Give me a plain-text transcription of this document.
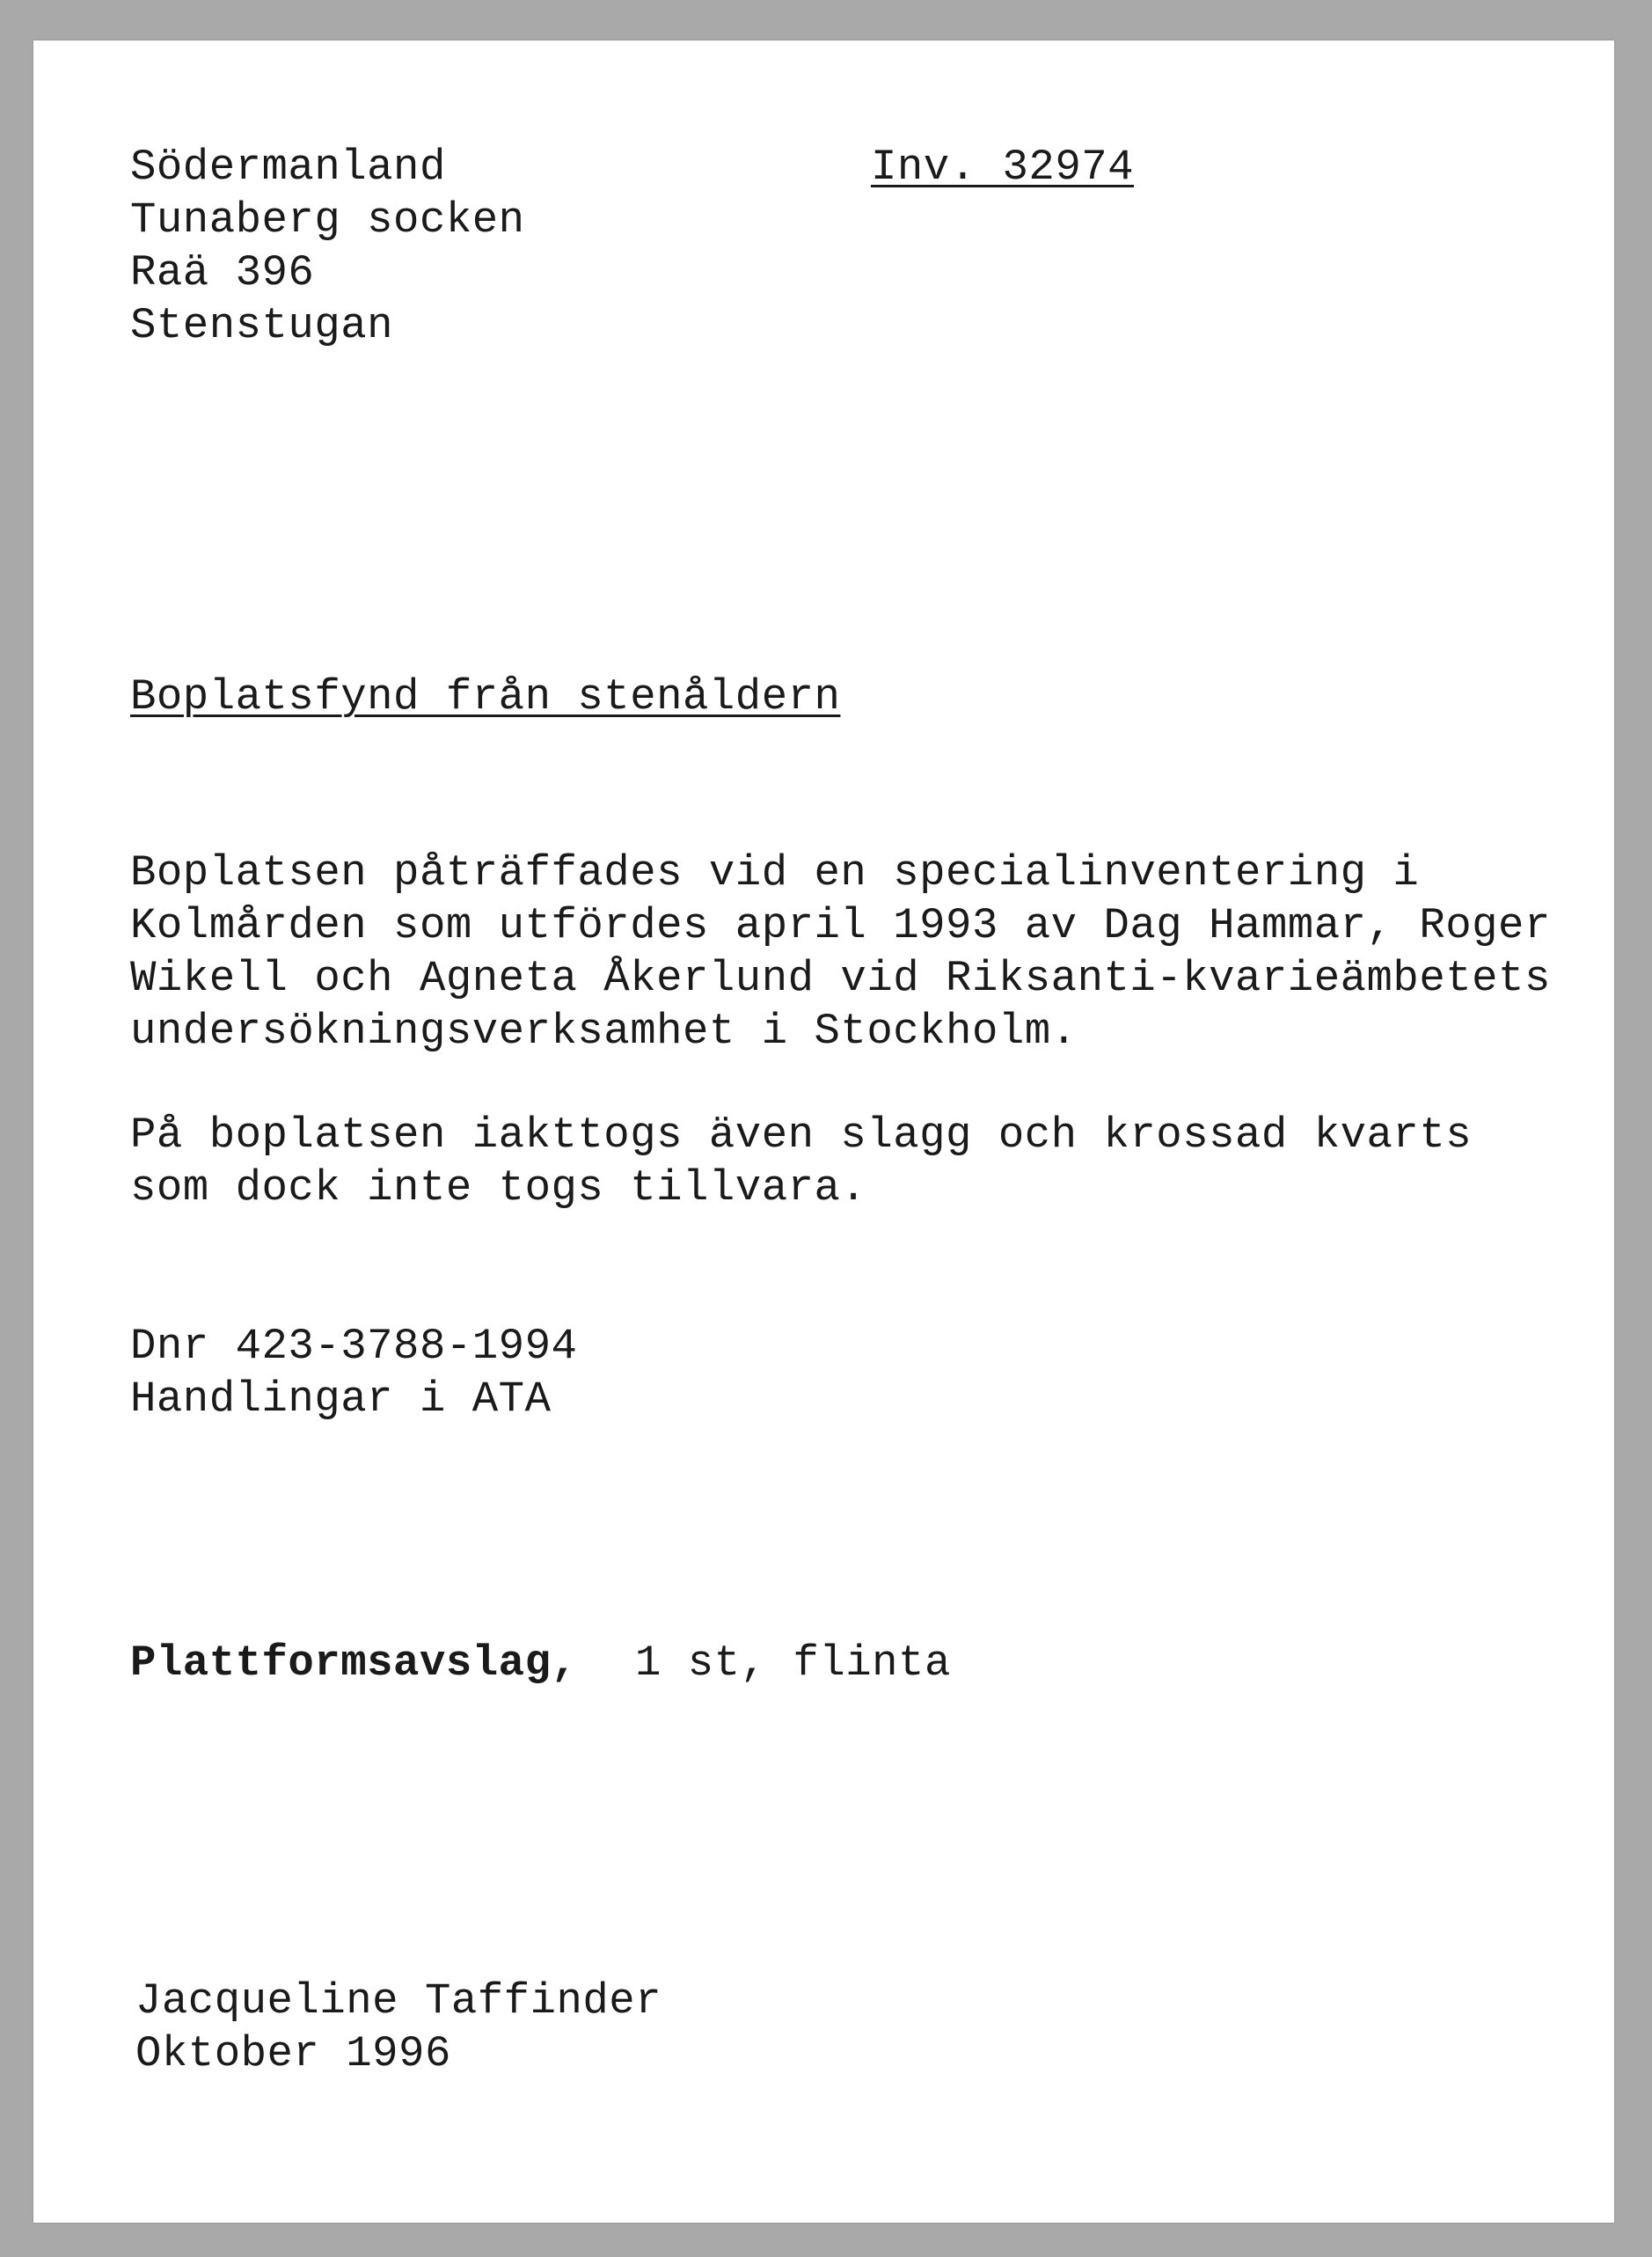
Södermanland
Tunaberg socken
Raä 396
Stenstugan
Inv. 32974
Boplatsfynd från stenåldern
Boplatsen påträffades vid en specialinventering i
Kolmården som utfördes april 1993 av Dag Hammar, Roger
Wikell och Agneta Åkerlund vid Riksanti-kvarieämbetets
undersökningsverksamhet i Stockholm.
På boplatsen iakttogs även slagg och krossad kvarts
som dock inte togs tillvara.
Dnr 423-3788-1994
Handlingar i ATA
Plattformsavslag, 1 st, flinta
Jacqueline Taffinder
Oktober 1996
